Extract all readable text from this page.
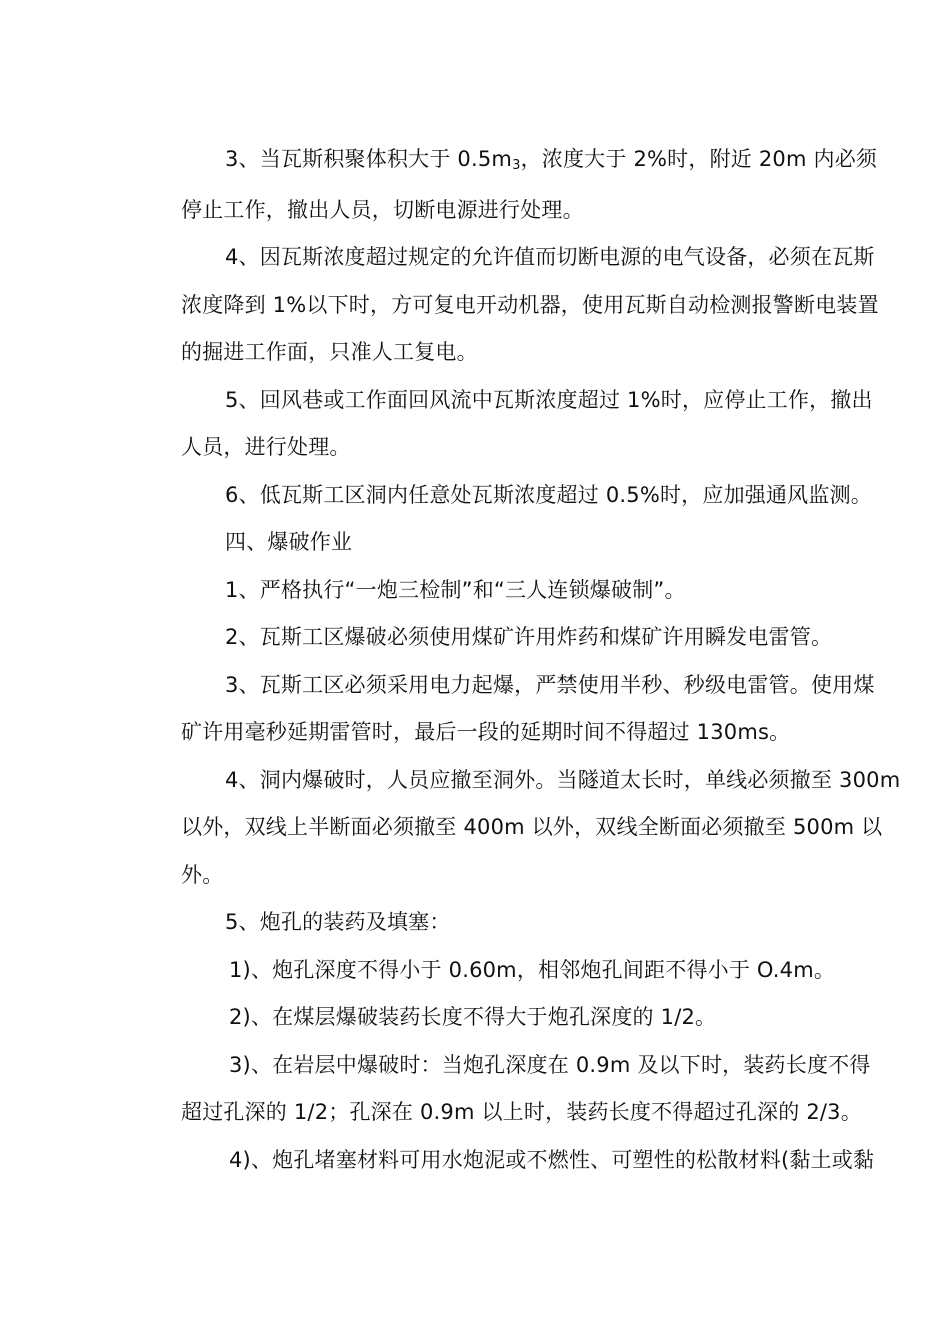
3、当瓦斯积聚体积大于 $0.5m_3$，浓度大于 2%时，附近 20m 内必须
停止工作，撤出人员，切断电源进行处理。
4、因瓦斯浓度超过规定的允许值而切断电源的电气设备，必须在瓦斯
浓度降到 1%以下时，方可复电开动机器，使用瓦斯自动检测报警断电装置
的掘进工作面，只准人工复电。
5、回风巷或工作面回风流中瓦斯浓度超过 1%时，应停止工作，撤出
人员，进行处理。
6、低瓦斯工区洞内任意处瓦斯浓度超过 0.5%时，应加强通风监测。
四、爆破作业
1、严格执行“一炮三检制”和“三人连锁爆破制”。
2、瓦斯工区爆破必须使用煤矿许用炸药和煤矿许用瞬发电雷管。
3、瓦斯工区必须采用电力起爆，严禁使用半秒、秒级电雷管。使用煤
矿许用毫秒延期雷管时，最后一段的延期时间不得超过 130ms。
4、洞内爆破时，人员应撤至洞外。当隧道太长时，单线必须撤至 300m
以外，双线上半断面必须撤至 400m 以外，双线全断面必须撤至 500m 以
外。
5、炮孔的装药及填塞：
1)、炮孔深度不得小于 0.60m，相邻炮孔间距不得小于 O.4m。
2)、在煤层爆破装药长度不得大于炮孔深度的 1/2。
3)、在岩层中爆破时：当炮孔深度在 0.9m 及以下时，装药长度不得
超过孔深的 1/2；孔深在 0.9m 以上时，装药长度不得超过孔深的 2/3。
4)、炮孔堵塞材料可用水炮泥或不燃性、可塑性的松散材料(黏土或黏
